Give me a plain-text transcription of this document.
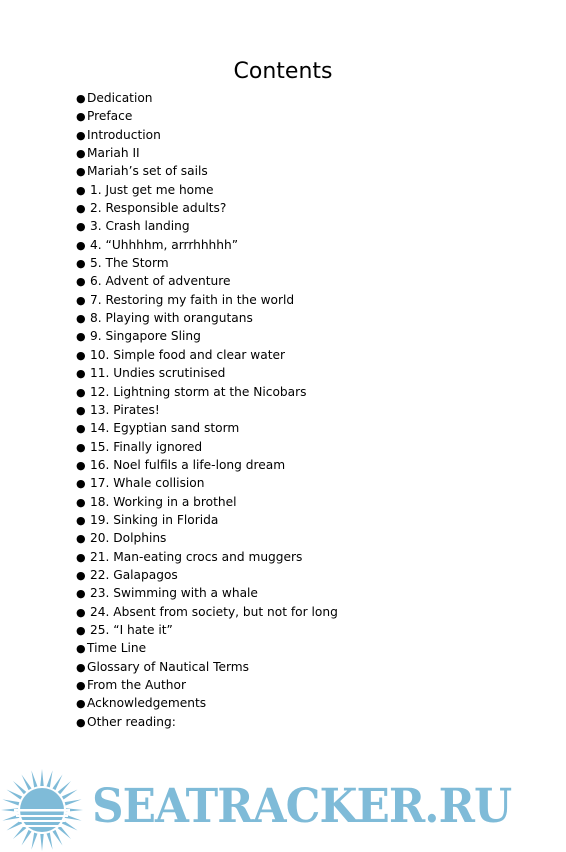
Contents
●Dedication
●Preface
●Introduction
●Mariah II
●Mariah’s set of sails
● 1. Just get me home
● 2. Responsible adults?
● 3. Crash landing
● 4. “Uhhhhm, arrrhhhhh”
● 5. The Storm
● 6. Advent of adventure
● 7. Restoring my faith in the world
● 8. Playing with orangutans
● 9. Singapore Sling
● 10. Simple food and clear water
● 11. Undies scrutinised
● 12. Lightning storm at the Nicobars
● 13. Pirates!
● 14. Egyptian sand storm
● 15. Finally ignored
● 16. Noel fulfils a life-long dream
● 17. Whale collision
● 18. Working in a brothel
● 19. Sinking in Florida
● 20. Dolphins
● 21. Man-eating crocs and muggers
● 22. Galapagos
● 23. Swimming with a whale
● 24. Absent from society, but not for long
● 25. “I hate it”
●Time Line
●Glossary of Nautical Terms
●From the Author
●Acknowledgements
●Other reading:
SEATRACKER.RU
